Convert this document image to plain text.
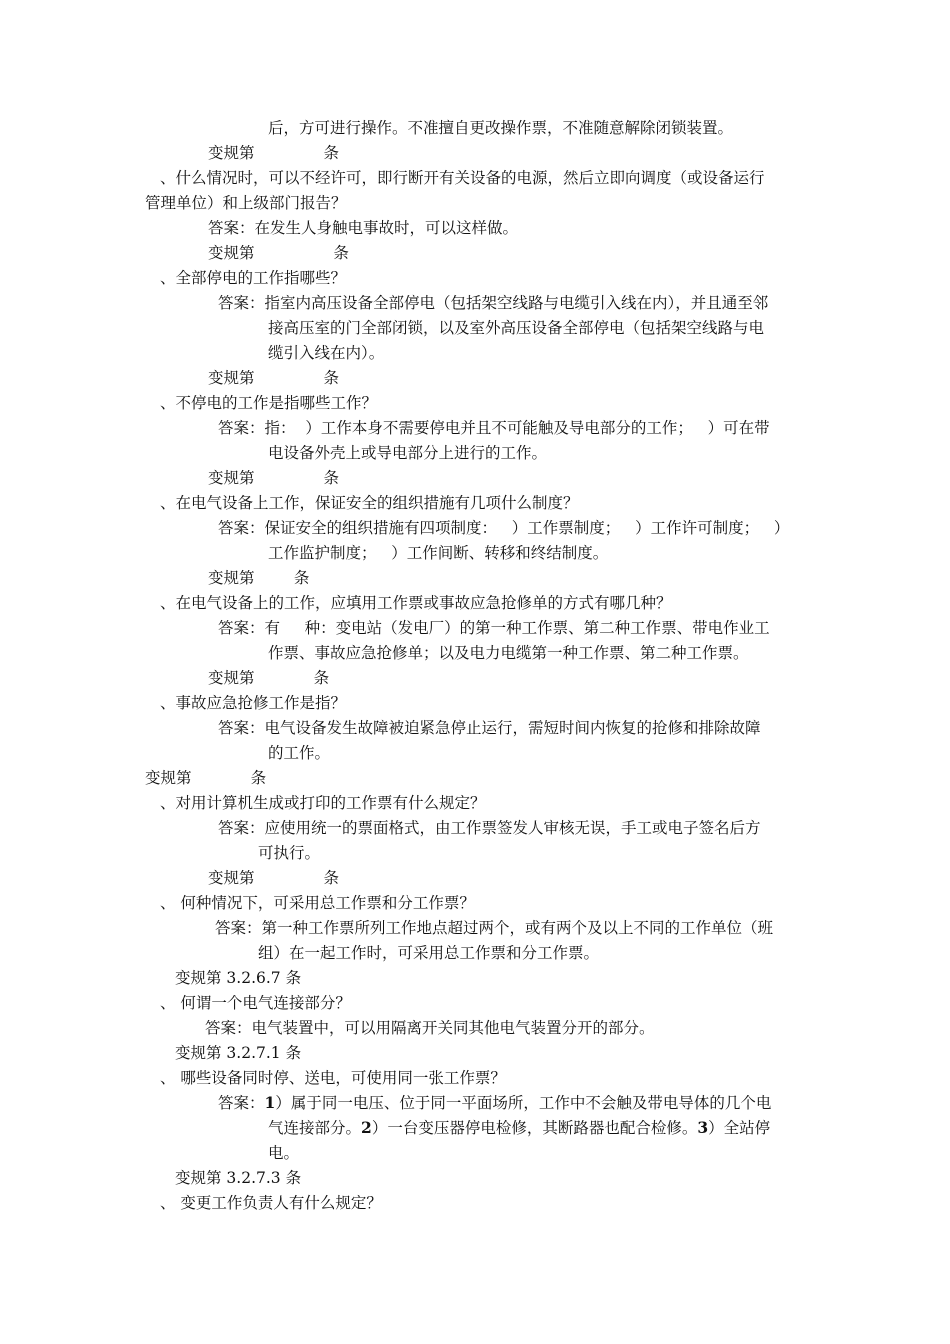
后，方可进行操作。不准擅自更改操作票，不准随意解除闭锁装置。
变规第              条
、什么情况时，可以不经许可，即行断开有关设备的电源，然后立即向调度（或设备运行
管理单位）和上级部门报告？
答案：在发生人身触电事故时，可以这样做。
变规第                条
、全部停电的工作指哪些？
答案：指室内高压设备全部停电（包括架空线路与电缆引入线在内），并且通至邻
接高压室的门全部闭锁，以及室外高压设备全部停电（包括架空线路与电
缆引入线在内）。
变规第              条
、不停电的工作是指哪些工作？
答案：指：  ）工作本身不需要停电并且不可能触及导电部分的工作；   ）可在带
电设备外壳上或导电部分上进行的工作。
变规第              条
、在电气设备上工作，保证安全的组织措施有几项什么制度？
答案：保证安全的组织措施有四项制度：   ）工作票制度；   ）工作许可制度；   ）
工作监护制度；   ）工作间断、转移和终结制度。
变规第        条
、在电气设备上的工作，应填用工作票或事故应急抢修单的方式有哪几种？
答案：有     种：变电站（发电厂）的第一种工作票、第二种工作票、带电作业工
作票、事故应急抢修单；以及电力电缆第一种工作票、第二种工作票。
变规第            条
、事故应急抢修工作是指？
答案：电气设备发生故障被迫紧急停止运行，需短时间内恢复的抢修和排除故障
的工作。
变规第            条
、对用计算机生成或打印的工作票有什么规定？
答案：应使用统一的票面格式，由工作票签发人审核无误，手工或电子签名后方
可执行。
变规第              条
、 何种情况下，可采用总工作票和分工作票？
答案：第一种工作票所列工作地点超过两个，或有两个及以上不同的工作单位（班
组）在一起工作时，可采用总工作票和分工作票。
变规第 3.2.6.7 条
、 何谓一个电气连接部分？
答案：电气装置中，可以用隔离开关同其他电气装置分开的部分。
变规第 3.2.7.1 条
、 哪些设备同时停、送电，可使用同一张工作票？
答案：1）属于同一电压、位于同一平面场所，工作中不会触及带电导体的几个电
气连接部分。2）一台变压器停电检修，其断路器也配合检修。3）全站停
电。
变规第 3.2.7.3 条
、 变更工作负责人有什么规定？
